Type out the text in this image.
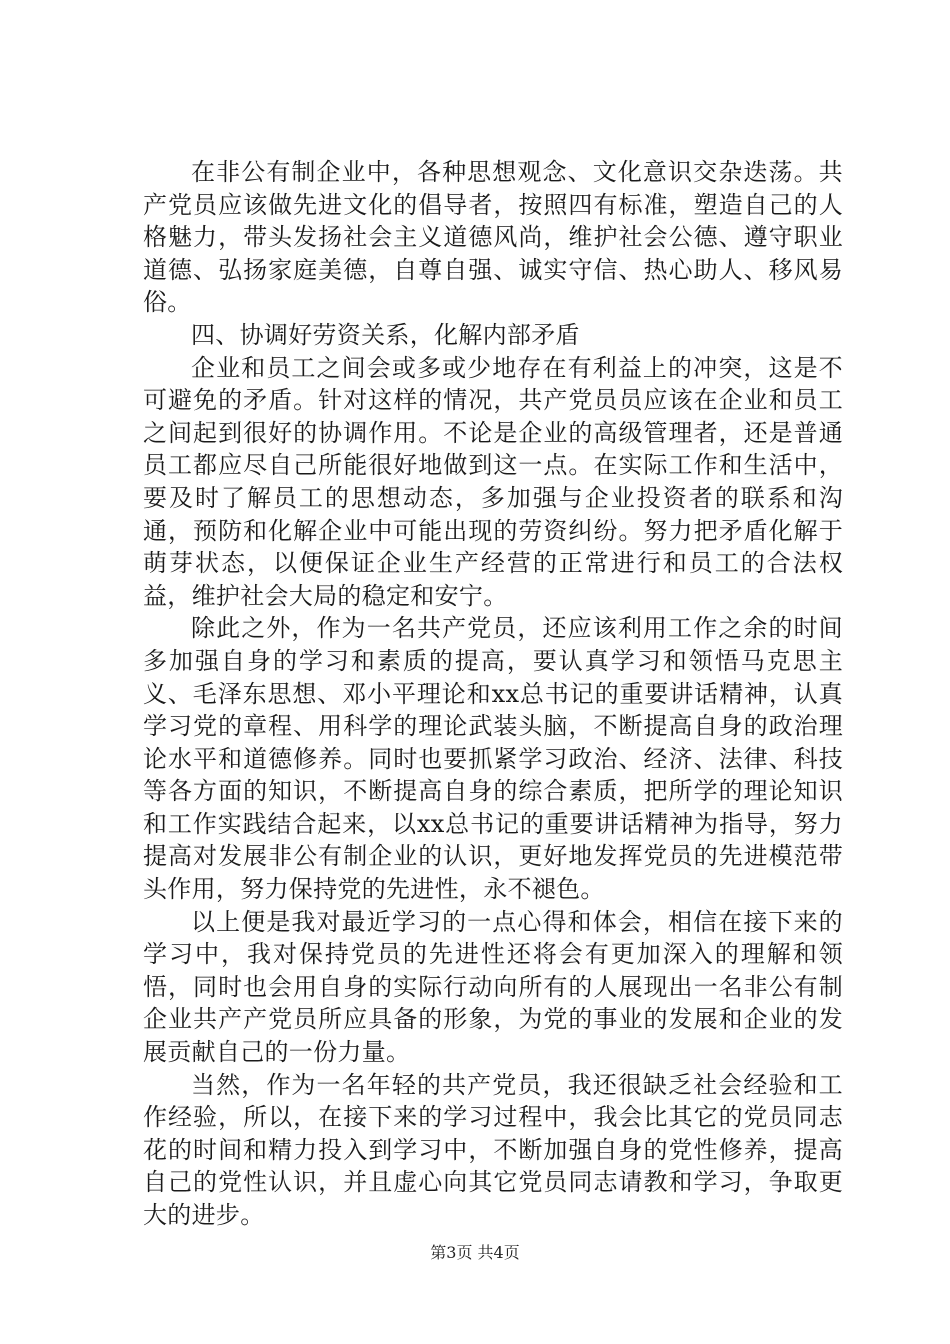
在非公有制企业中，各种思想观念、文化意识交杂迭荡。共产党员应该做先进文化的倡导者，按照四有标准，塑造自己的人格魅力，带头发扬社会主义道德风尚，维护社会公德、遵守职业道德、弘扬家庭美德，自尊自强、诚实守信、热心助人、移风易俗。

四、协调好劳资关系，化解内部矛盾

企业和员工之间会或多或少地存在有利益上的冲突，这是不可避免的矛盾。针对这样的情况，共产党员员应该在企业和员工之间起到很好的协调作用。不论是企业的高级管理者，还是普通员工都应尽自己所能很好地做到这一点。在实际工作和生活中，要及时了解员工的思想动态，多加强与企业投资者的联系和沟通，预防和化解企业中可能出现的劳资纠纷。努力把矛盾化解于萌芽状态，以便保证企业生产经营的正常进行和员工的合法权益，维护社会大局的稳定和安宁。

除此之外，作为一名共产党员，还应该利用工作之余的时间多加强自身的学习和素质的提高，要认真学习和领悟马克思主义、毛泽东思想、邓小平理论和xx总书记的重要讲话精神，认真学习党的章程、用科学的理论武装头脑，不断提高自身的政治理论水平和道德修养。同时也要抓紧学习政治、经济、法律、科技等各方面的知识，不断提高自身的综合素质，把所学的理论知识和工作实践结合起来，以xx总书记的重要讲话精神为指导，努力提高对发展非公有制企业的认识，更好地发挥党员的先进模范带头作用，努力保持党的先进性，永不褪色。

以上便是我对最近学习的一点心得和体会，相信在接下来的学习中，我对保持党员的先进性还将会有更加深入的理解和领悟，同时也会用自身的实际行动向所有的人展现出一名非公有制企业共产产党员所应具备的形象，为党的事业的发展和企业的发展贡献自己的一份力量。

当然，作为一名年轻的共产党员，我还很缺乏社会经验和工作经验，所以，在接下来的学习过程中，我会比其它的党员同志花的时间和精力投入到学习中，不断加强自身的党性修养，提高自己的党性认识，并且虚心向其它党员同志请教和学习，争取更大的进步。

第3页 共4页
